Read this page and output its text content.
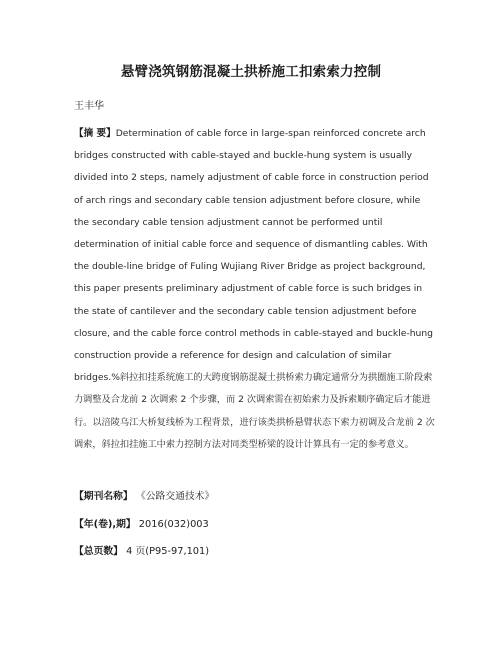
悬臂浇筑钢筋混凝土拱桥施工扣索索力控制
王丰华
【摘 要】Determination of cable force in large-span reinforced concrete arch bridges constructed with cable-stayed and buckle-hung system is usually divided into 2 steps, namely adjustment of cable force in construction period of arch rings and secondary cable tension adjustment before closure, while the secondary cable tension adjustment cannot be performed until determination of initial cable force and sequence of dismantling cables. With the double-line bridge of Fuling Wujiang River Bridge as project background, this paper presents preliminary adjustment of cable force is such bridges in the state of cantilever and the secondary cable tension adjustment before closure, and the cable force control methods in cable-stayed and buckle-hung construction provide a reference for design and calculation of similar bridges.%斜拉扣挂系统施工的大跨度钢筋混凝土拱桥索力确定通常分为拱圈施工阶段索力调整及合龙前 2 次调索 2 个步骤，而 2 次调索需在初始索力及拆索顺序确定后才能进行。以涪陵乌江大桥复线桥为工程背景，进行该类拱桥悬臂状态下索力初调及合龙前 2 次调索，斜拉扣挂施工中索力控制方法对同类型桥梁的设计计算具有一定的参考意义。
【期刊名称】 《公路交通技术》
【年(卷),期】 2016(032)003
【总页数】 4 页(P95-97,101)
